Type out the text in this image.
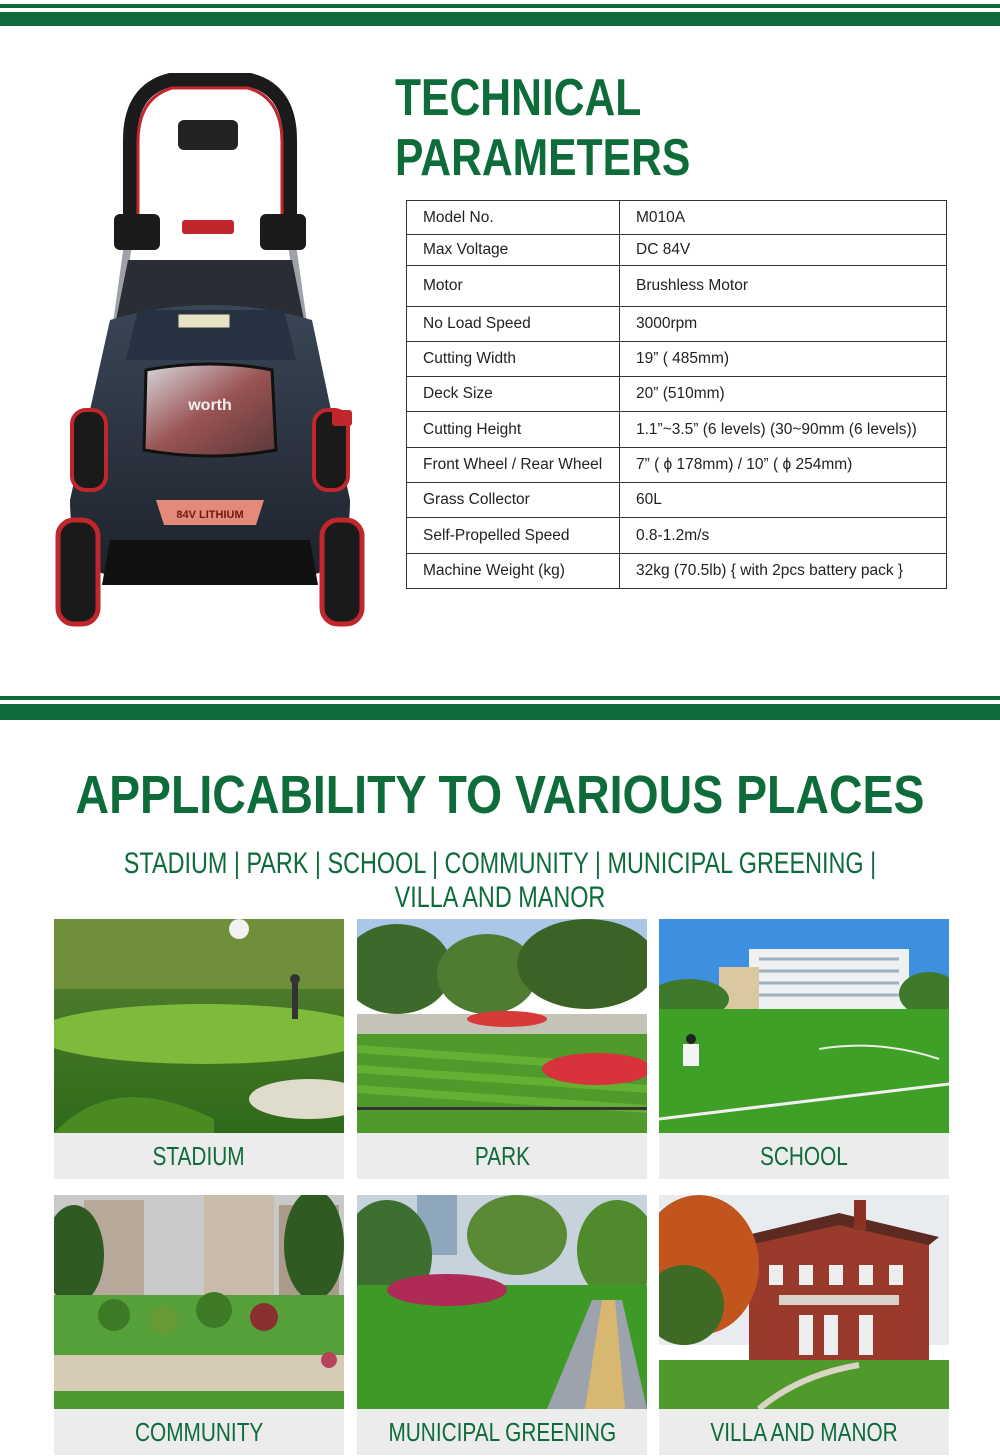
worth
84V LITHIUM
TECHNICAL PARAMETERS
Model No.	M010A
Max Voltage	DC 84V
Motor	Brushless Motor
No Load Speed	3000rpm
Cutting Width	19” ( 485mm)
Deck Size	20” (510mm)
Cutting Height	1.1”~3.5” (6 levels) (30~90mm (6 levels))
Front Wheel / Rear Wheel	7” ( ϕ 178mm) / 10” ( ϕ 254mm)
Grass Collector	60L
Self-Propelled Speed	0.8-1.2m/s
Machine Weight (kg)	32kg (70.5lb) { with 2pcs battery pack }
APPLICABILITY TO VARIOUS PLACES
STADIUM | PARK | SCHOOL | COMMUNITY | MUNICIPAL GREENING | VILLA AND MANOR
STADIUM	PARK	SCHOOL
COMMUNITY	MUNICIPAL GREENING	VILLA AND MANOR
